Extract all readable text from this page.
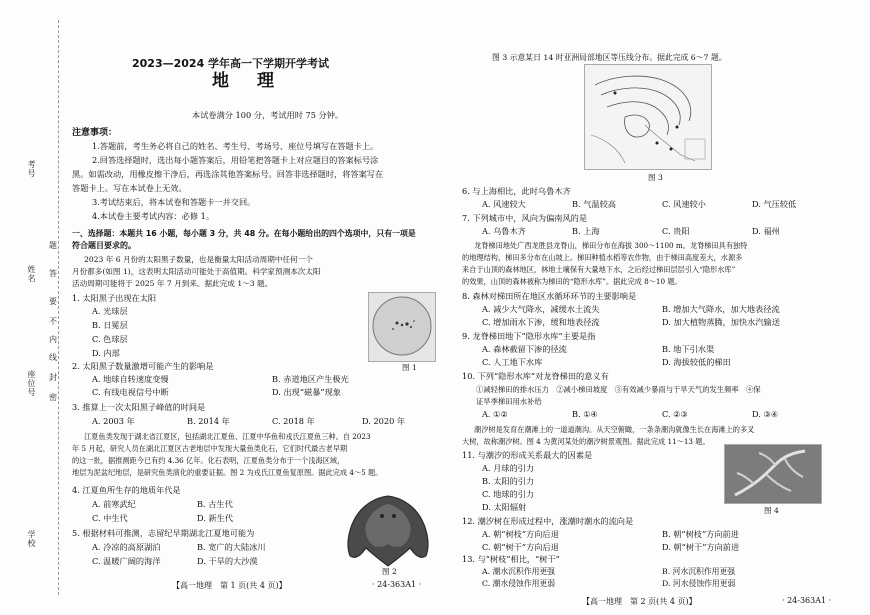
考号
座位号
姓名
学校
题
答
要
不
内
线
封
密
2023—2024 学年高一下学期开学考试
地理
本试卷满分 100 分，考试用时 75 分钟。
注意事项：
1.答题前，考生务必将自己的姓名、考生号、考场号、座位号填写在答题卡上。
2.回答选择题时，选出每小题答案后，用铅笔把答题卡上对应题目的答案标号涂
黑。如需改动，用橡皮擦干净后，再选涂其他答案标号。回答非选择题时，将答案写在
答题卡上。写在本试卷上无效。
3.考试结束后，将本试卷和答题卡一并交回。
4.本试卷主要考试内容：必修 1。
一、选择题：本题共 16 小题，每小题 3 分，共 48 分。在每小题给出的四个选项中，只有一项是
符合题目要求的。
2023 年 6 月份的太阳黑子数量，也是衡量太阳活动周期中任何一个
月份都多(如图 1)，这表明太阳活动可能处于高值期。科学家预测本次太阳
活动周期可能将于 2025 年 7 月到来。据此完成 1～3 题。
1. 太阳黑子出现在太阳
A. 光球层
B. 日冕层
C. 色球层
D. 内部
图 1
2. 太阳黑子数量激增可能产生的影响是
A. 地球自转速度变慢	B. 赤道地区产生极光
C. 有线电视信号中断	D. 出现“磁暴”现象
3. 推算上一次太阳黑子峰值的时间是
A. 2003 年	B. 2014 年	C. 2018 年	D. 2020 年
江夏鱼类发现于湖北省江夏区，包括湖北江夏鱼、江夏中华鱼和戎氏江夏鱼三种。自 2023
年 5 月起，研究人员在湖北江夏区古老地层中发现大量鱼类化石，它们时代最古老早期
的这一批，据推测距今已有约 4.36 亿年。化石表明，江夏鱼类分布于一个浅海区域，
地层为泥盆纪地层，是研究鱼类演化的重要证据。图 2 为戎氏江夏鱼复原图。据此完成 4～5 题。
4. 江夏鱼所生存的地质年代是
A. 前寒武纪	B. 古生代
C. 中生代	D. 新生代
图 2
5. 根据材料可推测，志留纪早期湖北江夏地可能为
A. 冷凉的高原湖泊	B. 宽广的大陆冰川
C. 温暖广阔的海洋	D. 干旱的大沙漠
【高一地理　第 1 页(共 4 页)】	· 24-363A1 ·
图 3 示意某日 14 时亚洲局部地区等压线分布。据此完成 6～7 题。
图 3
6. 与上海相比，此时乌鲁木齐
A. 风速较大	B. 气温较高	C. 风速较小	D. 气压较低
7. 下列城市中，风向为偏南风的是
A. 乌鲁木齐	B. 上海	C. 贵阳	D. 福州
龙脊梯田地处广西龙胜县龙脊山，梯田分布在海拔 300～1100 m。龙脊梯田具有独特
的地理结构，梯田多分布在山坡上。梯田种植水稻等农作物，由于梯田高度差大，水源多
来自于山顶的森林地区，林地土壤保有大量地下水，之后经过梯田层层引入“隐形水库”
的效果，山顶的森林被称为梯田的“隐形水库”。据此完成 8～10 题。
8. 森林对梯田所在地区水循环环节的主要影响是
A. 减少大气降水，减缓水土流失	B. 增加大气降水，加大地表径流
C. 增加雨水下渗，缓和地表径流	D. 加大植物蒸腾，加快水汽输送
9. 龙脊梯田地下“隐形水库”主要是指
A. 森林截留下渗的径流	B. 地下引水渠
C. 人工地下水库	D. 海拔较低的梯田
10. 下列“隐形水库”对龙脊梯田的意义有
①减轻梯田的排水压力　②减小梯田坡度　③有效减少暴雨与干旱天气的发生频率　④保
证旱季梯田用水补给
A. ①②	B. ①④	C. ②③	D. ③④
潮汐树是发育在潮滩上的一道道潮沟。从天空俯瞰，一条条潮沟就像生长在海滩上的多叉
大树，故称潮汐树。图 4 为黄河某处的潮汐树景观图。据此完成 11～13 题。
11. 与潮汐的形成关系最大的因素是
A. 月球的引力
B. 太阳的引力
C. 地球的引力
D. 太阳辐射	图 4
12. 潮汐树在形成过程中，涨潮时潮水的流向是
A. 朝“树枝”方向后退	B. 朝“树枝”方向前进
C. 朝“树干”方向后退	D. 朝“树干”方向前进
13. 与“树枝”相比，“树干”
A. 潮水沉积作用更强	B. 河水沉积作用更强
C. 潮水侵蚀作用更弱	D. 河水侵蚀作用更弱
【高一地理　第 2 页(共 4 页)】	· 24-363A1 ·
